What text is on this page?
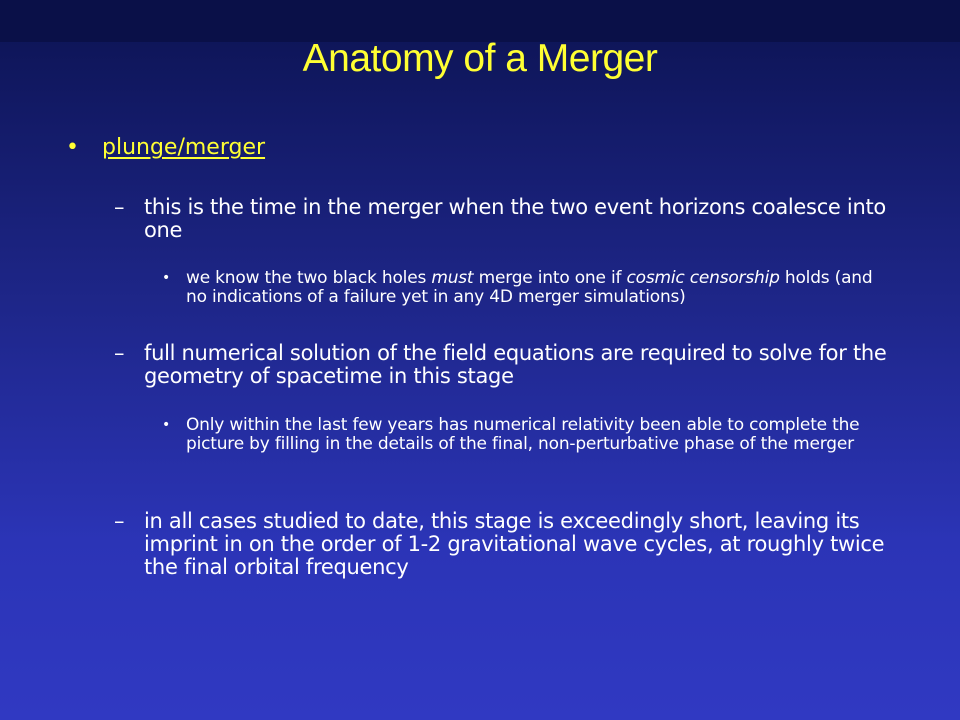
Anatomy of a Merger
•	plunge/merger
– this is the time in the merger when the two event horizons coalesce into one
• we know the two black holes must merge into one if cosmic censorship holds (and no indications of a failure yet in any 4D merger simulations)
– full numerical solution of the field equations are required to solve for the geometry of spacetime in this stage
• Only within the last few years has numerical relativity been able to complete the picture by filling in the details of the final, non-perturbative phase of the merger
– in all cases studied to date, this stage is exceedingly short, leaving its imprint in on the order of 1-2 gravitational wave cycles, at roughly twice the final orbital frequency
